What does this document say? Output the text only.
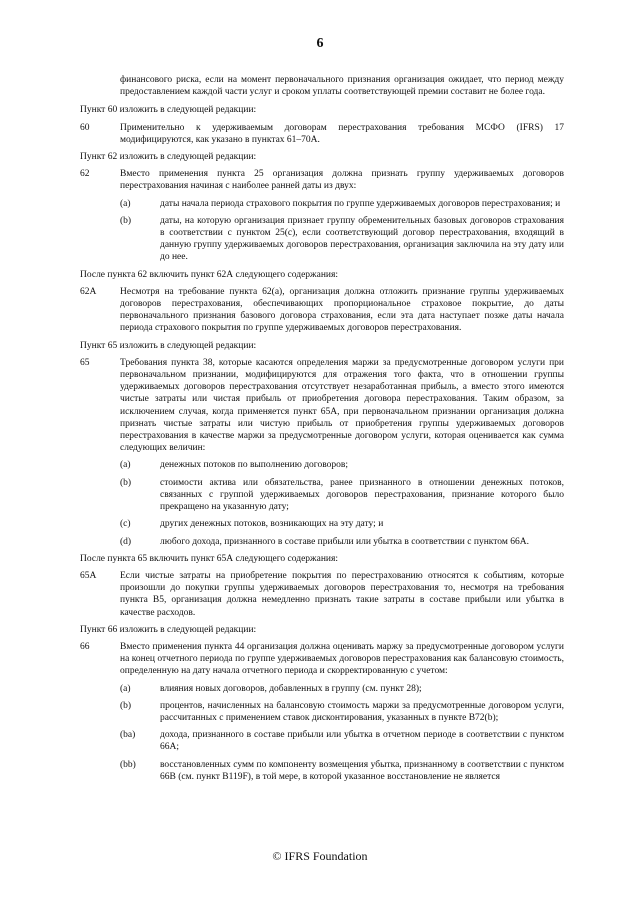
6

финансового риска, если на момент первоначального признания организация ожидает, что период между предоставлением каждой части услуг и сроком уплаты соответствующей премии составит не более года.

Пункт 60 изложить в следующей редакции:

60	Применительно к удерживаемым договорам перестрахования требования МСФО (IFRS) 17 модифицируются, как указано в пунктах 61–70А.

Пункт 62 изложить в следующей редакции:

62	Вместо применения пункта 25 организация должна признать группу удерживаемых договоров перестрахования начиная с наиболее ранней даты из двух:

(a)	даты начала периода страхового покрытия по группе удерживаемых договоров перестрахования; и
(b)	даты, на которую организация признает группу обременительных базовых договоров страхования в соответствии с пунктом 25(с), если соответствующий договор перестрахования, входящий в данную группу удерживаемых договоров перестрахования, организация заключила на эту дату или до нее.

После пункта 62 включить пункт 62А следующего содержания:

62A	Несмотря на требование пункта 62(а), организация должна отложить признание группы удерживаемых договоров перестрахования, обеспечивающих пропорциональное страховое покрытие, до даты первоначального признания базового договора страхования, если эта дата наступает позже даты начала периода страхового покрытия по группе удерживаемых договоров перестрахования.

Пункт 65 изложить в следующей редакции:

65	Требования пункта 38, которые касаются определения маржи за предусмотренные договором услуги при первоначальном признании, модифицируются для отражения того факта, что в отношении группы удерживаемых договоров перестрахования отсутствует незаработанная прибыль, а вместо этого имеются чистые затраты или чистая прибыль от приобретения договора перестрахования. Таким образом, за исключением случая, когда применяется пункт 65А, при первоначальном признании организация должна признать чистые затраты или чистую прибыль от приобретения группы удерживаемых договоров перестрахования в качестве маржи за предусмотренные договором услуги, которая оценивается как сумма следующих величин:

(a)	денежных потоков по выполнению договоров;
(b)	стоимости актива или обязательства, ранее признанного в отношении денежных потоков, связанных с группой удерживаемых договоров перестрахования, признание которого было прекращено на указанную дату;
(c)	других денежных потоков, возникающих на эту дату; и
(d)	любого дохода, признанного в составе прибыли или убытка в соответствии с пунктом 66А.

После пункта 65 включить пункт 65А следующего содержания:

65A	Если чистые затраты на приобретение покрытия по перестрахованию относятся к событиям, которые произошли до покупки группы удерживаемых договоров перестрахования то, несмотря на требования пункта B5, организация должна немедленно признать такие затраты в составе прибыли или убытка в качестве расходов.

Пункт 66 изложить в следующей редакции:

66	Вместо применения пункта 44 организация должна оценивать маржу за предусмотренные договором услуги на конец отчетного периода по группе удерживаемых договоров перестрахования как балансовую стоимость, определенную на дату начала отчетного периода и скорректированную с учетом:

(a)	влияния новых договоров, добавленных в группу (см. пункт 28);
(b)	процентов, начисленных на балансовую стоимость маржи за предусмотренные договором услуги, рассчитанных с применением ставок дисконтирования, указанных в пункте В72(b);
(ba)	дохода, признанного в составе прибыли или убытка в отчетном периоде в соответствии с пунктом 66А;
(bb)	восстановленных сумм по компоненту возмещения убытка, признанному в соответствии с пунктом 66В (см. пункт В119F), в той мере, в которой указанное восстановление не является
© IFRS Foundation
